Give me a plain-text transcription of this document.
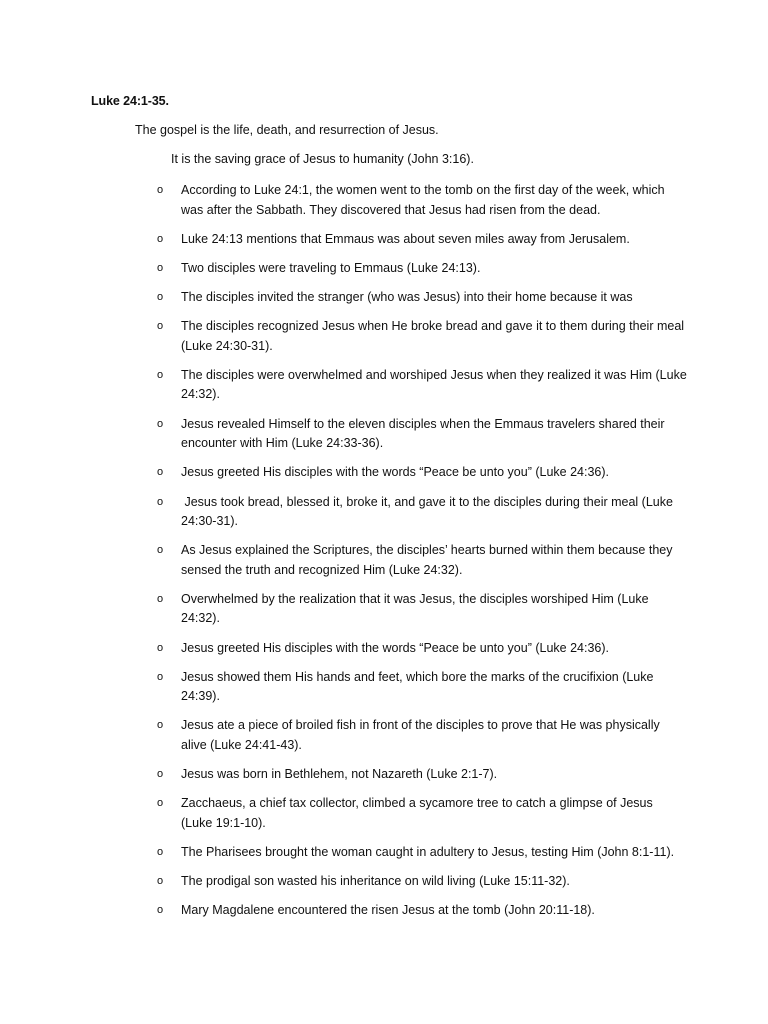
Luke 24:1-35.
The gospel is the life, death, and resurrection of Jesus.
It is the saving grace of Jesus to humanity (John 3:16).
o According to Luke 24:1, the women went to the tomb on the first day of the week, which was after the Sabbath. They discovered that Jesus had risen from the dead.
o Luke 24:13 mentions that Emmaus was about seven miles away from Jerusalem.
o Two disciples were traveling to Emmaus (Luke 24:13).
o The disciples invited the stranger (who was Jesus) into their home because it was
o The disciples recognized Jesus when He broke bread and gave it to them during their meal (Luke 24:30-31).
o The disciples were overwhelmed and worshiped Jesus when they realized it was Him (Luke 24:32).
o Jesus revealed Himself to the eleven disciples when the Emmaus travelers shared their encounter with Him (Luke 24:33-36).
o Jesus greeted His disciples with the words “Peace be unto you” (Luke 24:36).
o Jesus took bread, blessed it, broke it, and gave it to the disciples during their meal (Luke 24:30-31).
o As Jesus explained the Scriptures, the disciples’ hearts burned within them because they sensed the truth and recognized Him (Luke 24:32).
o Overwhelmed by the realization that it was Jesus, the disciples worshiped Him (Luke 24:32).
o Jesus greeted His disciples with the words “Peace be unto you” (Luke 24:36).
o Jesus showed them His hands and feet, which bore the marks of the crucifixion (Luke 24:39).
o Jesus ate a piece of broiled fish in front of the disciples to prove that He was physically alive (Luke 24:41-43).
o Jesus was born in Bethlehem, not Nazareth (Luke 2:1-7).
o Zacchaeus, a chief tax collector, climbed a sycamore tree to catch a glimpse of Jesus (Luke 19:1-10).
o The Pharisees brought the woman caught in adultery to Jesus, testing Him (John 8:1-11).
o The prodigal son wasted his inheritance on wild living (Luke 15:11-32).
o Mary Magdalene encountered the risen Jesus at the tomb (John 20:11-18).
